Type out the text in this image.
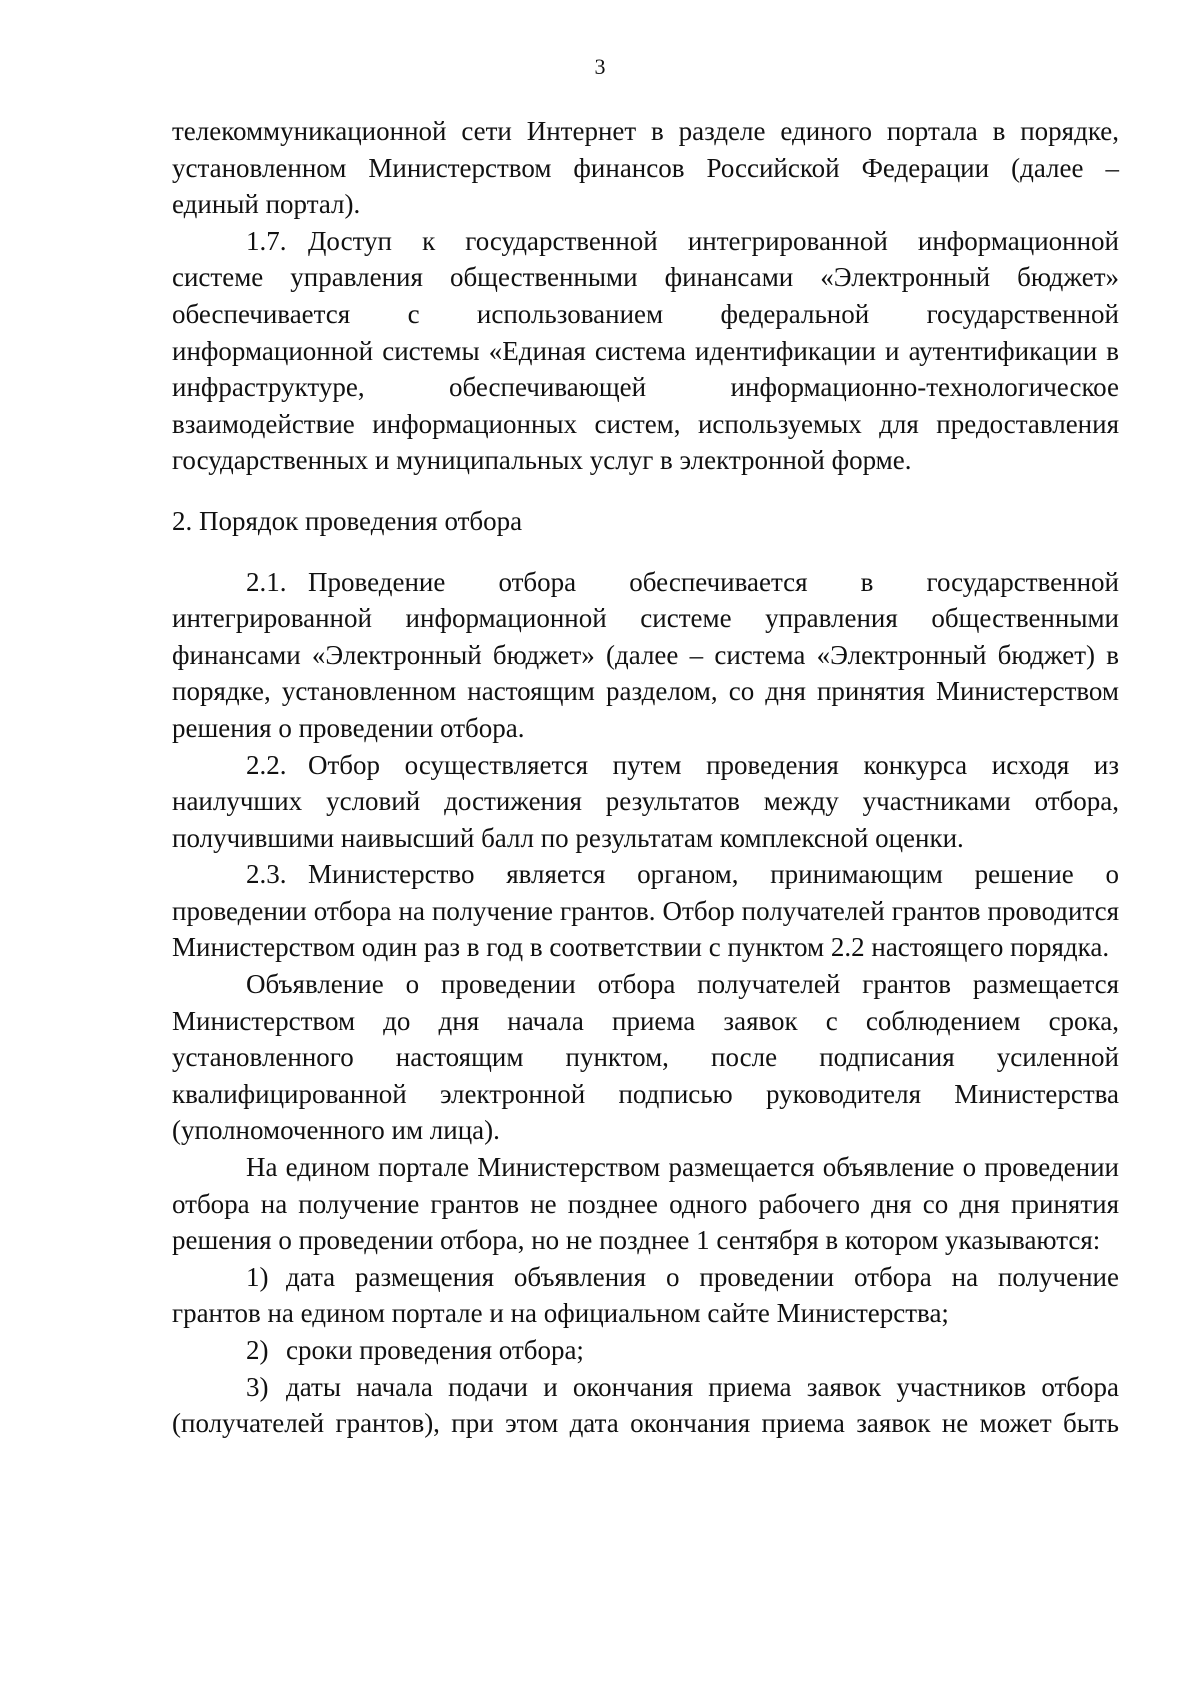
3

телекоммуникационной сети Интернет в разделе единого портала в порядке, установленном Министерством финансов Российской Федерации (далее – единый портал).

1.7. Доступ к государственной интегрированной информационной системе управления общественными финансами «Электронный бюджет» обеспечивается с использованием федеральной государственной информационной системы «Единая система идентификации и аутентификации в инфраструктуре, обеспечивающей информационно-технологическое взаимодействие информационных систем, используемых для предоставления государственных и муниципальных услуг в электронной форме.

2. Порядок проведения отбора

2.1. Проведение отбора обеспечивается в государственной интегрированной информационной системе управления общественными финансами «Электронный бюджет» (далее – система «Электронный бюджет) в порядке, установленном настоящим разделом, со дня принятия Министерством решения о проведении отбора.

2.2. Отбор осуществляется путем проведения конкурса исходя из наилучших условий достижения результатов между участниками отбора, получившими наивысший балл по результатам комплексной оценки.

2.3. Министерство является органом, принимающим решение о проведении отбора на получение грантов. Отбор получателей грантов проводится Министерством один раз в год в соответствии с пунктом 2.2 настоящего порядка.

Объявление о проведении отбора получателей грантов размещается Министерством до дня начала приема заявок с соблюдением срока, установленного настоящим пунктом, после подписания усиленной квалифицированной электронной подписью руководителя Министерства (уполномоченного им лица).

На едином портале Министерством размещается объявление о проведении отбора на получение грантов не позднее одного рабочего дня со дня принятия решения о проведении отбора, но не позднее 1 сентября в котором указываются:

1) дата размещения объявления о проведении отбора на получение грантов на едином портале и на официальном сайте Министерства;

2) сроки проведения отбора;

3) даты начала подачи и окончания приема заявок участников отбора (получателей грантов), при этом дата окончания приема заявок не может быть
